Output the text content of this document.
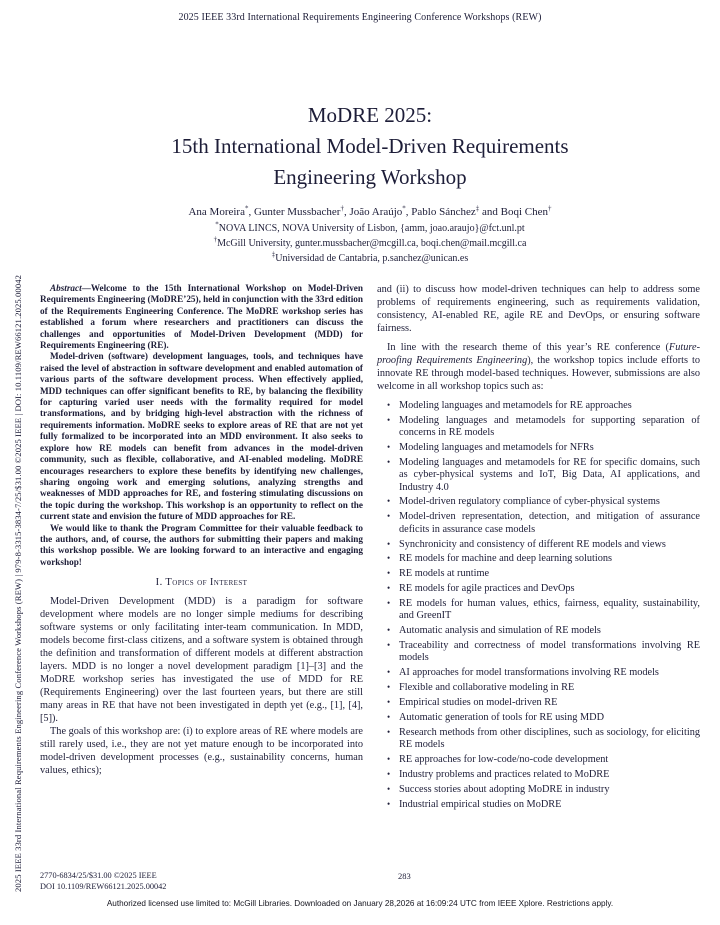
2025 IEEE 33rd International Requirements Engineering Conference Workshops (REW)
2025 IEEE 33rd International Requirements Engineering Conference Workshops (REW) | 979-8-3315-3834-7/25/$31.00 ©2025 IEEE | DOI: 10.1109/REW66121.2025.00042
MoDRE 2025:
15th International Model-Driven Requirements
Engineering Workshop
Ana Moreira*, Gunter Mussbacher†, João Araújo*, Pablo Sánchez‡ and Boqi Chen†
*NOVA LINCS, NOVA University of Lisbon, {amm, joao.araujo}@fct.unl.pt
†McGill University, gunter.mussbacher@mcgill.ca, boqi.chen@mail.mcgill.ca
‡Universidad de Cantabria, p.sanchez@unican.es

Abstract—Welcome to the 15th International Workshop on Model-Driven Requirements Engineering (MoDRE’25), held in conjunction with the 33rd edition of the Requirements Engineering Conference. The MoDRE workshop series has established a forum where researchers and practitioners can discuss the challenges and opportunities of Model-Driven Development (MDD) for Requirements Engineering (RE).

Model-driven (software) development languages, tools, and techniques have raised the level of abstraction in software development and enabled automation of various parts of the software development process. When effectively applied, MDD techniques can offer significant benefits to RE, by balancing the flexibility for capturing varied user needs with the formality required for model transformations, and by bridging high-level abstraction with the richness of requirements information. MoDRE seeks to explore areas of RE that are not yet fully formalized to be incorporated into an MDD environment. It also seeks to explore how RE models can benefit from advances in the model-driven community, such as flexible, collaborative, and AI-enabled modeling. MoDRE encourages researchers to explore these benefits by identifying new challenges, sharing ongoing work and emerging solutions, analyzing strengths and weaknesses of MDD approaches for RE, and fostering stimulating discussions on the topic during the workshop. This workshop is an opportunity to reflect on the current state and envision the future of MDD approaches for RE.

We would like to thank the Program Committee for their valuable feedback to the authors, and, of course, the authors for submitting their papers and making this workshop possible. We are looking forward to an interactive and engaging workshop!

I. Topics of Interest

Model-Driven Development (MDD) is a paradigm for software development where models are no longer simple mediums for describing software systems or only facilitating inter-team communication. In MDD, models become first-class citizens, and a software system is obtained through the definition and transformation of different models at different abstraction layers. MDD is no longer a novel development paradigm [1]–[3] and the MoDRE workshop series has investigated the use of MDD for RE (Requirements Engineering) over the last fourteen years, but there are still many areas in RE that have not been investigated in depth yet (e.g., [1], [4], [5]).

The goals of this workshop are: (i) to explore areas of RE where models are still rarely used, i.e., they are not yet mature enough to be incorporated into model-driven development processes (e.g., sustainability concerns, human values, ethics);

and (ii) to discuss how model-driven techniques can help to address some problems of requirements engineering, such as requirements validation, consistency, AI-enabled RE, agile RE and DevOps, or ensuring software fairness.

In line with the research theme of this year’s RE conference (Future-proofing Requirements Engineering), the workshop topics include efforts to innovate RE through model-based techniques. However, submissions are also welcome in all workshop topics such as:

• Modeling languages and metamodels for RE approaches
• Modeling languages and metamodels for supporting separation of concerns in RE models
• Modeling languages and metamodels for NFRs
• Modeling languages and metamodels for RE for specific domains, such as cyber-physical systems and IoT, Big Data, AI applications, and Industry 4.0
• Model-driven regulatory compliance of cyber-physical systems
• Model-driven representation, detection, and mitigation of assurance deficits in assurance case models
• Synchronicity and consistency of different RE models and views
• RE models for machine and deep learning solutions
• RE models at runtime
• RE models for agile practices and DevOps
• RE models for human values, ethics, fairness, equality, sustainability, and GreenIT
• Automatic analysis and simulation of RE models
• Traceability and correctness of model transformations involving RE models
• AI approaches for model transformations involving RE models
• Flexible and collaborative modeling in RE
• Empirical studies on model-driven RE
• Automatic generation of tools for RE using MDD
• Research methods from other disciplines, such as sociology, for eliciting RE models
• RE approaches for low-code/no-code development
• Industry problems and practices related to MoDRE
• Success stories about adopting MoDRE in industry
• Industrial empirical studies on MoDRE
2770-6834/25/$31.00 ©2025 IEEE
DOI 10.1109/REW66121.2025.00042
283
Authorized licensed use limited to: McGill Libraries. Downloaded on January 28,2026 at 16:09:24 UTC from IEEE Xplore. Restrictions apply.
